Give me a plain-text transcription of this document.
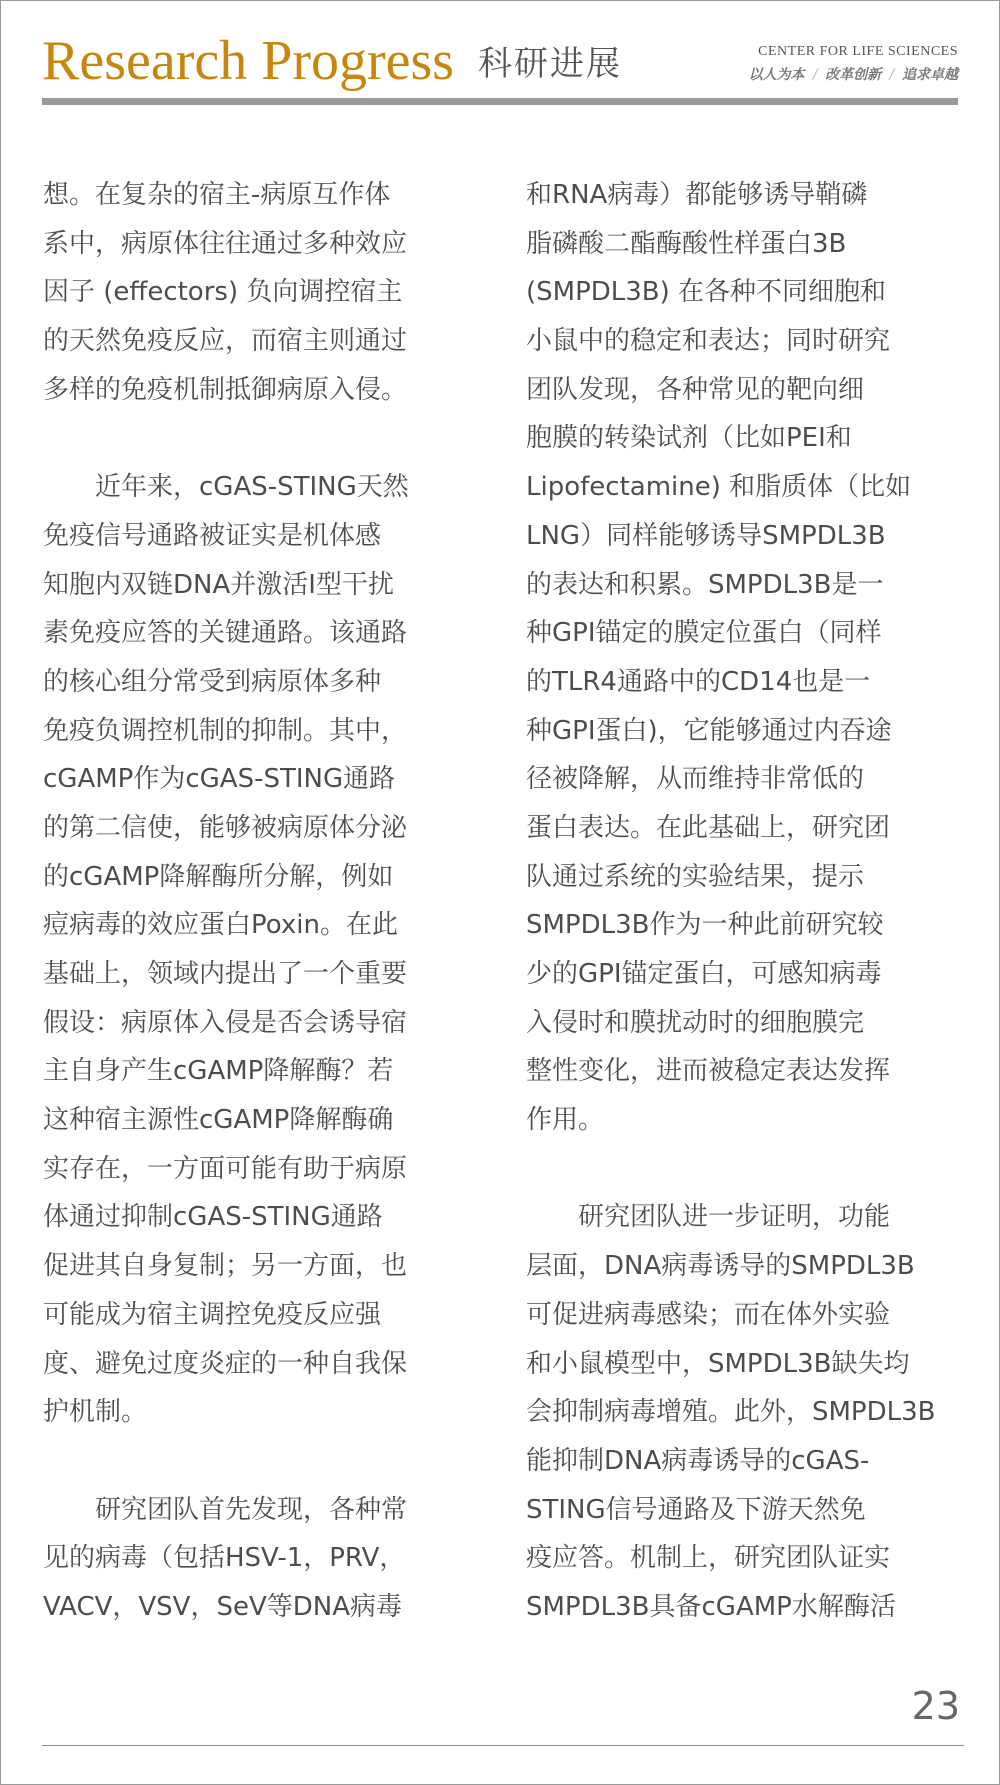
Research Progress 科研进展	CENTER FOR LIFE SCIENCES
以人为本 / 改革创新 / 追求卓越
想。在复杂的宿主-病原互作体
系中，病原体往往通过多种效应
因子 (effectors) 负向调控宿主
的天然免疫反应，而宿主则通过
多样的免疫机制抵御病原入侵。
　　近年来，cGAS-STING天然
免疫信号通路被证实是机体感
知胞内双链DNA并激活I型干扰
素免疫应答的关键通路。该通路
的核心组分常受到病原体多种
免疫负调控机制的抑制。其中，
cGAMP作为cGAS-STING通路
的第二信使，能够被病原体分泌
的cGAMP降解酶所分解，例如
痘病毒的效应蛋白Poxin。在此
基础上，领域内提出了一个重要
假设：病原体入侵是否会诱导宿
主自身产生cGAMP降解酶？若
这种宿主源性cGAMP降解酶确
实存在，一方面可能有助于病原
体通过抑制cGAS-STING通路
促进其自身复制；另一方面，也
可能成为宿主调控免疫反应强
度、避免过度炎症的一种自我保
护机制。
　　研究团队首先发现，各种常
见的病毒（包括HSV-1，PRV，
VACV，VSV，SeV等DNA病毒
和RNA病毒）都能够诱导鞘磷
脂磷酸二酯酶酸性样蛋白3B
(SMPDL3B) 在各种不同细胞和
小鼠中的稳定和表达；同时研究
团队发现，各种常见的靶向细
胞膜的转染试剂（比如PEI和
Lipofectamine) 和脂质体（比如
LNG）同样能够诱导SMPDL3B
的表达和积累。SMPDL3B是一
种GPI锚定的膜定位蛋白（同样
的TLR4通路中的CD14也是一
种GPI蛋白)，它能够通过内吞途
径被降解，从而维持非常低的
蛋白表达。在此基础上，研究团
队通过系统的实验结果，提示
SMPDL3B作为一种此前研究较
少的GPI锚定蛋白，可感知病毒
入侵时和膜扰动时的细胞膜完
整性变化，进而被稳定表达发挥
作用。
　　研究团队进一步证明，功能
层面，DNA病毒诱导的SMPDL3B
可促进病毒感染；而在体外实验
和小鼠模型中，SMPDL3B缺失均
会抑制病毒增殖。此外，SMPDL3B
能抑制DNA病毒诱导的cGAS-
STING信号通路及下游天然免
疫应答。机制上，研究团队证实
SMPDL3B具备cGAMP水解酶活
23
